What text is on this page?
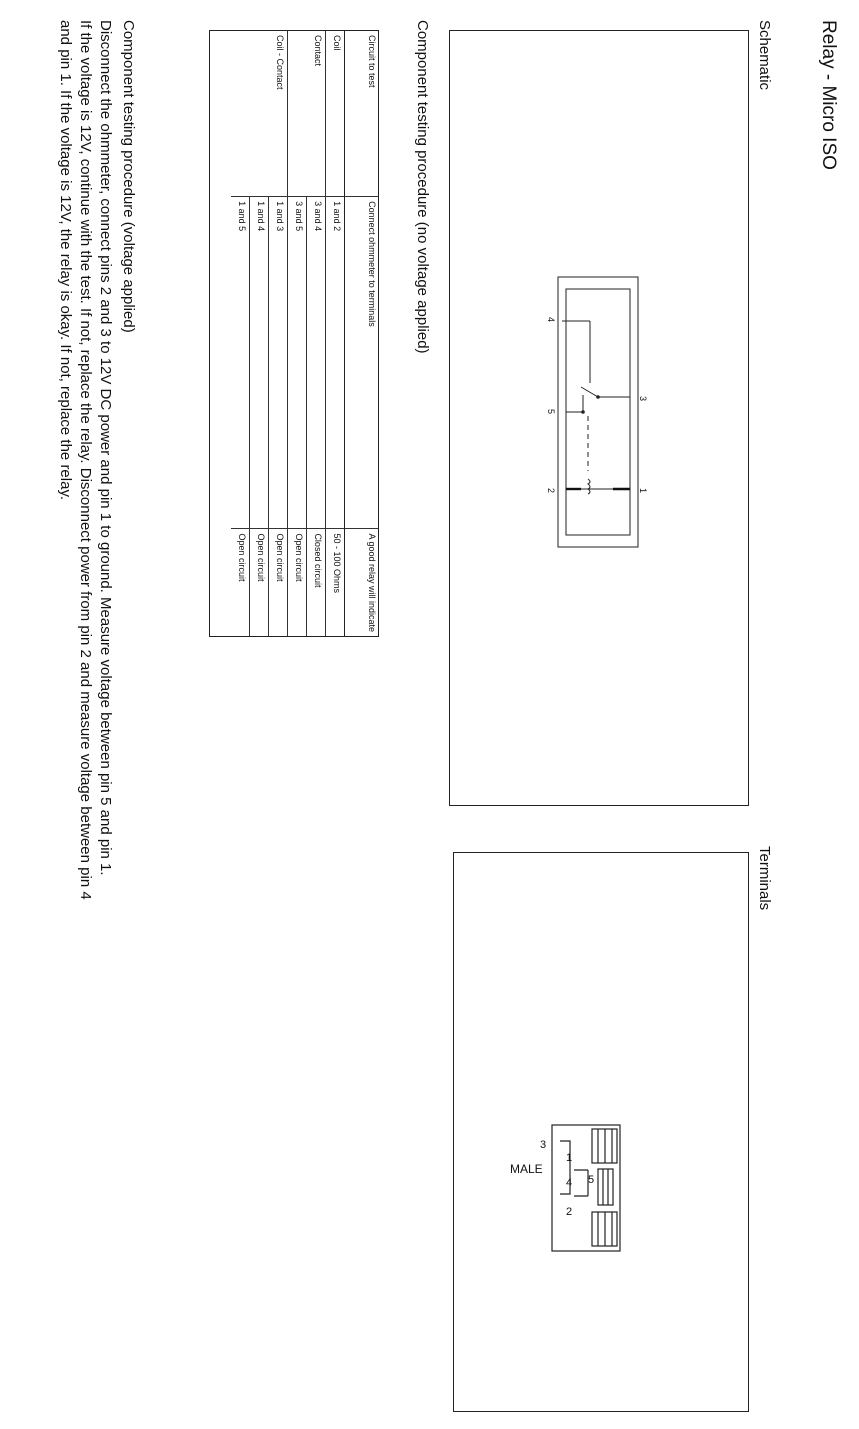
Relay - Micro ISO
Schematic
1
2
3
4
5
Terminals
1
2
3
4 5
MALE
Component testing procedure (no voltage applied)
Circuit to test	Connect ohmmeter to terminals	A good relay will indicate
Coil	1 and 2	50 - 100 Ohms
Contact	3 and 4	Closed circuit
	3 and 5	Open circuit
Coil - Contact	1 and 3	Open circuit
	1 and 4	Open circuit
	1 and 5	Open circuit
Component testing procedure (voltage applied)
Disconnect the ohmmeter, connect pins 2 and 3 to 12V DC power and pin 1 to ground. Measure voltage between pin 5 and pin 1.
If the voltage is 12V, continue with the test. If not, replace the relay. Disconnect power from pin 2 and measure voltage between pin 4
and pin 1. If the voltage is 12V, the relay is okay. If not, replace the relay.
